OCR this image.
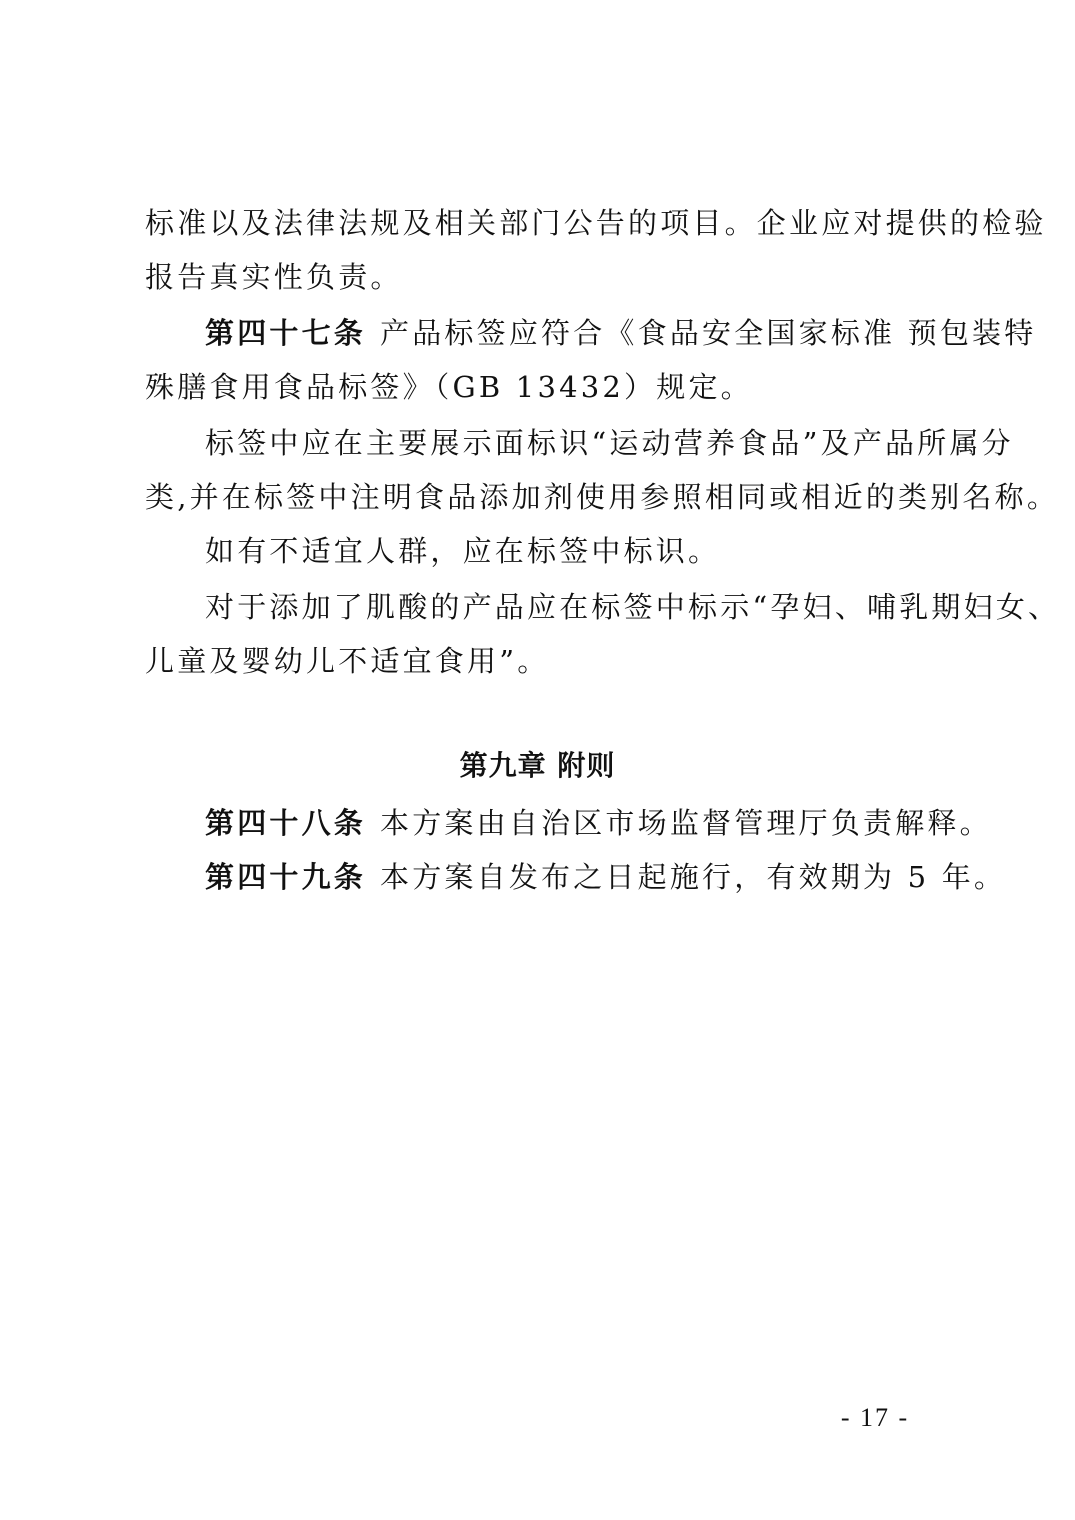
标准以及法律法规及相关部门公告的项目。企业应对提供的检验
报告真实性负责。

第四十七条 产品标签应符合《食品安全国家标准 预包装特
殊膳食用食品标签》（GB 13432）规定。

标签中应在主要展示面标识“运动营养食品”及产品所属分
类,并在标签中注明食品添加剂使用参照相同或相近的类别名称。

如有不适宜人群，应在标签中标识。

对于添加了肌酸的产品应在标签中标示“孕妇、哺乳期妇女、
儿童及婴幼儿不适宜食用”。

第九章 附则

第四十八条 本方案由自治区市场监督管理厅负责解释。

第四十九条 本方案自发布之日起施行，有效期为 5 年。

- 17 -
